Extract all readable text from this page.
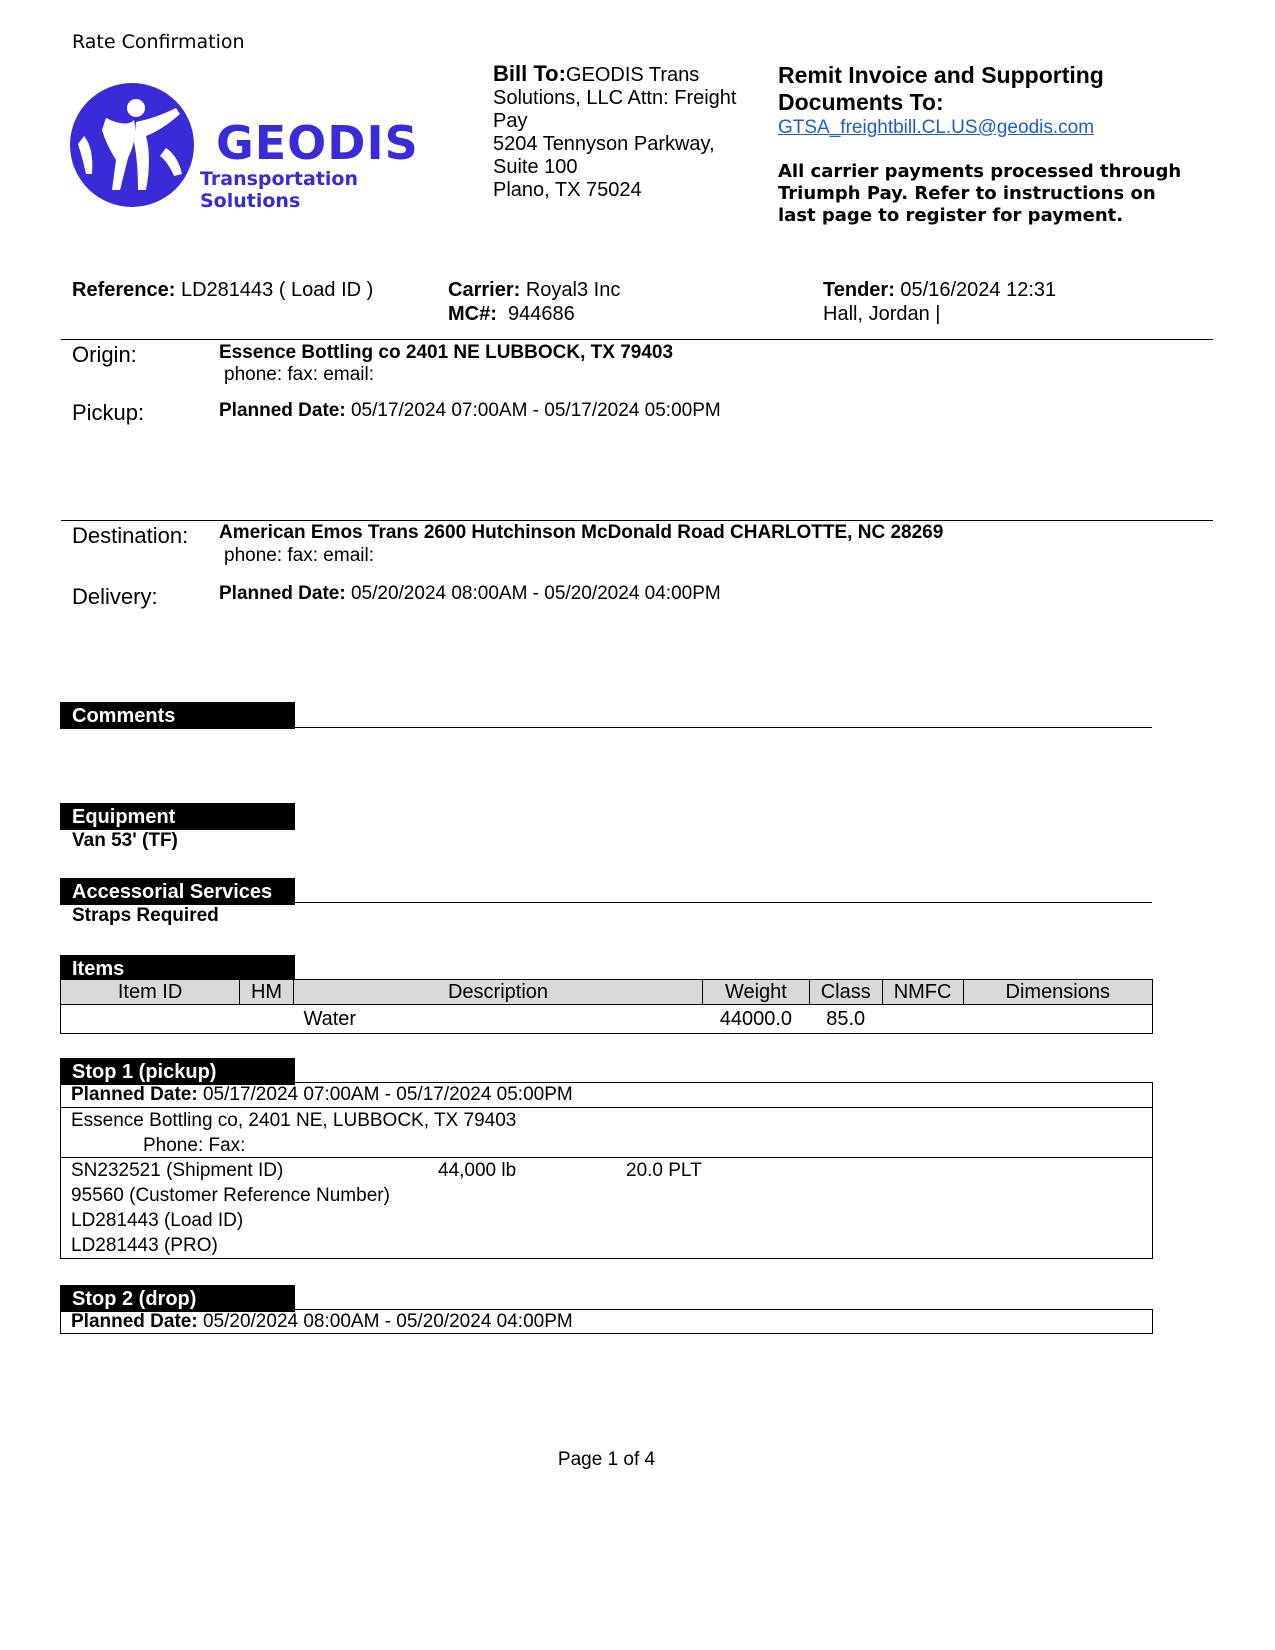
Rate Confirmation
GEODIS
Transportation Solutions
Bill To:GEODIS Trans
Solutions, LLC Attn: Freight
Pay
5204 Tennyson Parkway,
Suite 100
Plano, TX 75024
Remit Invoice and Supporting
Documents To:
GTSA_freightbill.CL.US@geodis.com
All carrier payments processed through
Triumph Pay. Refer to instructions on
last page to register for payment.
Reference: LD281443 ( Load ID )	Carrier: Royal3 Inc
MC#: 944686
Tender: 05/16/2024 12:31
Hall, Jordan |
Origin:	Essence Bottling co 2401 NE LUBBOCK, TX 79403
phone: fax: email:
Pickup:	Planned Date: 05/17/2024 07:00AM - 05/17/2024 05:00PM
Destination: American Emos Trans 2600 Hutchinson McDonald Road CHARLOTTE, NC 28269
phone: fax: email:
Delivery:	Planned Date: 05/20/2024 08:00AM - 05/20/2024 04:00PM
Comments
Equipment
Van 53' (TF)
Accessorial Services
Straps Required
Items
Item ID	HM	Description	Weight	Class	NMFC	Dimensions
		Water	44000.0	85.0		
Stop 1 (pickup)
Planned Date: 05/17/2024 07:00AM - 05/17/2024 05:00PM
Essence Bottling co, 2401 NE, LUBBOCK, TX 79403
Phone: Fax:
SN232521 (Shipment ID)	44,000 lb	20.0 PLT
95560 (Customer Reference Number)
LD281443 (Load ID)
LD281443 (PRO)
Stop 2 (drop)
Planned Date: 05/20/2024 08:00AM - 05/20/2024 04:00PM
Page 1 of 4
